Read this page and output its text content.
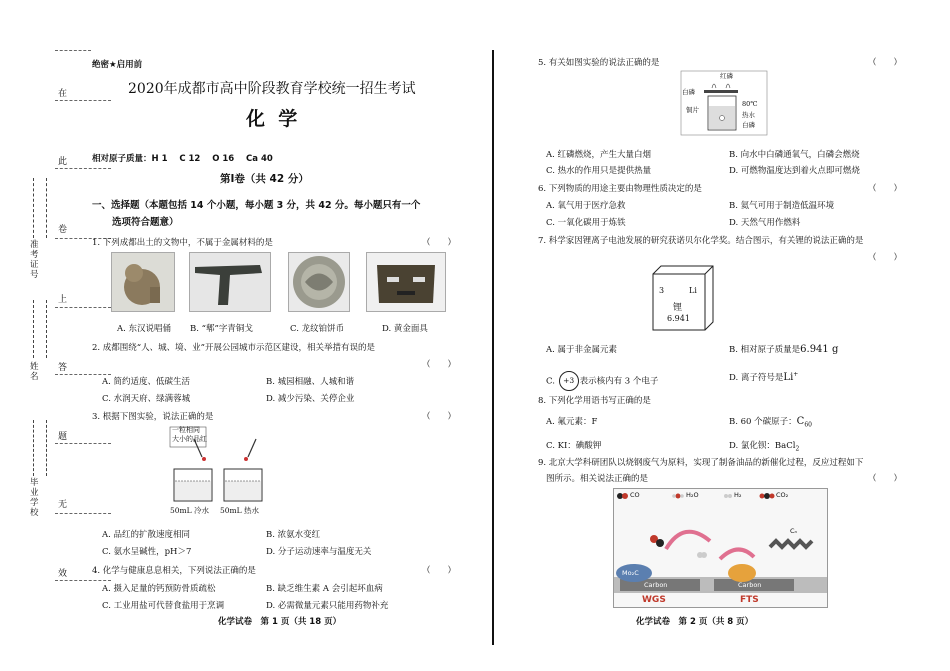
在
此
卷
上
答
题
无
效
准考证号
姓名
毕业学校
绝密★启用前
2020年成都市高中阶段教育学校统一招生考试
化  学
相对原子质量：H 1    C 12    O 16    Ca 40
第Ⅰ卷（共 42 分）
一、选择题（本题包括 14 个小题，每小题 3 分，共 42 分。每小题只有一个
选项符合题意）
1. 下列成都出土的文物中，不属于金属材料的是	（　　）
A. 东汉说唱俑 B. “郫”字青铜戈	C. 龙纹铂饼币	D. 黄金面具
2. 成都围绕“人、城、境、业”开展公园城市示范区建设，相关举措有误的是
（　　）
A. 简约适度、低碳生活	B. 城园相融、人城和谐
C. 水润天府、绿满蓉城	D. 减少污染、关停企业
3. 根据下图实验，说法正确的是	（　　）
一粒相同
大小的品红
50mL 冷水 50mL 热水
A. 品红的扩散速度相同	B. 浓氨水变红
C. 氨水呈碱性，pH＞7	D. 分子运动速率与温度无关
4. 化学与健康息息相关，下列说法正确的是	（　　）
A. 摄入足量的钙预防骨质疏松	B. 缺乏维生素 A 会引起坏血病
C. 工业用盐可代替食盐用于烹调	D. 必需微量元素只能用药物补充
化学试卷　第 1 页（共 18 页）
5. 有关如图实验的说法正确的是	（　　）
红磷
白磷
铜片
80℃
热水
白磷
A. 红磷燃烧，产生大量白烟	B. 向水中白磷通氧气，白磷会燃烧
C. 热水的作用只是提供热量	D. 可燃物温度达到着火点即可燃烧
6. 下列物质的用途主要由物理性质决定的是	（　　）
A. 氧气用于医疗急救	B. 氦气可用于制造低温环境
C. 一氧化碳用于炼铁	D. 天然气用作燃料
7. 科学家因锂离子电池发展的研究获诺贝尔化学奖。结合图示，有关锂的说法正确的是
（　　）
3	Li
锂
6.941
A. 属于非金属元素	B. 相对原子质量是6.941 g
C. +3 表示核内有 3 个电子	D. 离子符号是Li+
8. 下列化学用语书写正确的是
A. 氟元素：F	B. 60 个碳原子：$C_{60}$
C. KI：碘酸钾	D. 氯化钡：BaCl$_2$
9. 北京大学科研团队以烧钢废气为原料，实现了制备油品的新催化过程，反应过程如下
图所示。相关说法正确的是	（　　）
CO	H₂O	H₂	CO₂
Mo₂C
Carbon	Carbon
Cₙ
WGS	FTS
化学试卷　第 2 页（共 8 页）
